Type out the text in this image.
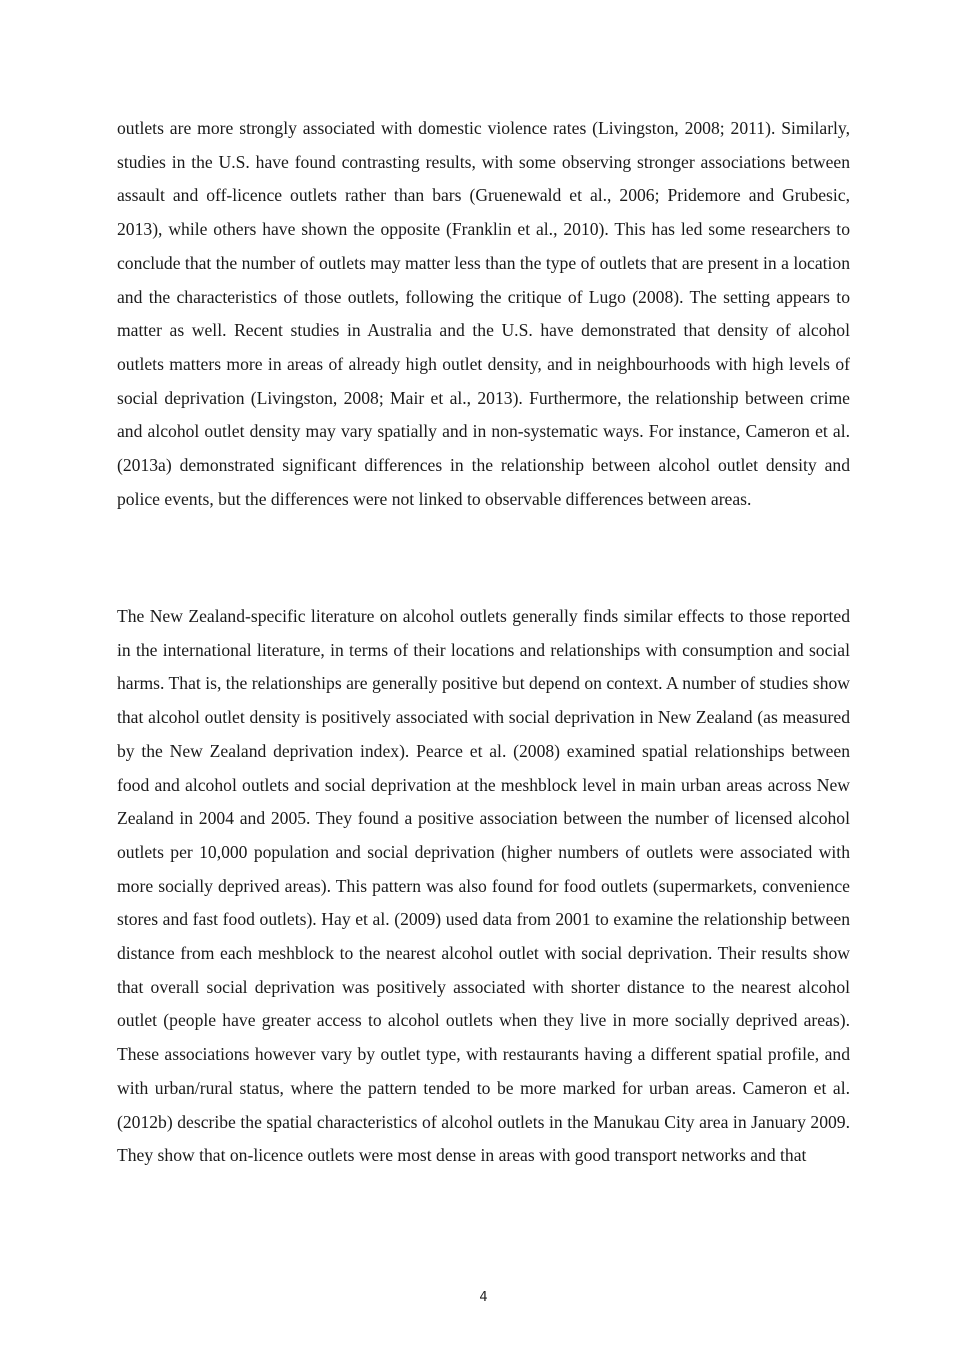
outlets are more strongly associated with domestic violence rates (Livingston, 2008; 2011). Similarly, studies in the U.S. have found contrasting results, with some observing stronger associations between assault and off-licence outlets rather than bars (Gruenewald et al., 2006; Pridemore and Grubesic, 2013), while others have shown the opposite (Franklin et al., 2010). This has led some researchers to conclude that the number of outlets may matter less than the type of outlets that are present in a location and the characteristics of those outlets, following the critique of Lugo (2008). The setting appears to matter as well. Recent studies in Australia and the U.S. have demonstrated that density of alcohol outlets matters more in areas of already high outlet density, and in neighbourhoods with high levels of social deprivation (Livingston, 2008; Mair et al., 2013). Furthermore, the relationship between crime and alcohol outlet density may vary spatially and in non-systematic ways. For instance, Cameron et al. (2013a) demonstrated significant differences in the relationship between alcohol outlet density and police events, but the differences were not linked to observable differences between areas.

The New Zealand-specific literature on alcohol outlets generally finds similar effects to those reported in the international literature, in terms of their locations and relationships with consumption and social harms. That is, the relationships are generally positive but depend on context. A number of studies show that alcohol outlet density is positively associated with social deprivation in New Zealand (as measured by the New Zealand deprivation index). Pearce et al. (2008) examined spatial relationships between food and alcohol outlets and social deprivation at the meshblock level in main urban areas across New Zealand in 2004 and 2005. They found a positive association between the number of licensed alcohol outlets per 10,000 population and social deprivation (higher numbers of outlets were associated with more socially deprived areas). This pattern was also found for food outlets (supermarkets, convenience stores and fast food outlets). Hay et al. (2009) used data from 2001 to examine the relationship between distance from each meshblock to the nearest alcohol outlet with social deprivation. Their results show that overall social deprivation was positively associated with shorter distance to the nearest alcohol outlet (people have greater access to alcohol outlets when they live in more socially deprived areas). These associations however vary by outlet type, with restaurants having a different spatial profile, and with urban/rural status, where the pattern tended to be more marked for urban areas. Cameron et al. (2012b) describe the spatial characteristics of alcohol outlets in the Manukau City area in January 2009. They show that on-licence outlets were most dense in areas with good transport networks and that

4
